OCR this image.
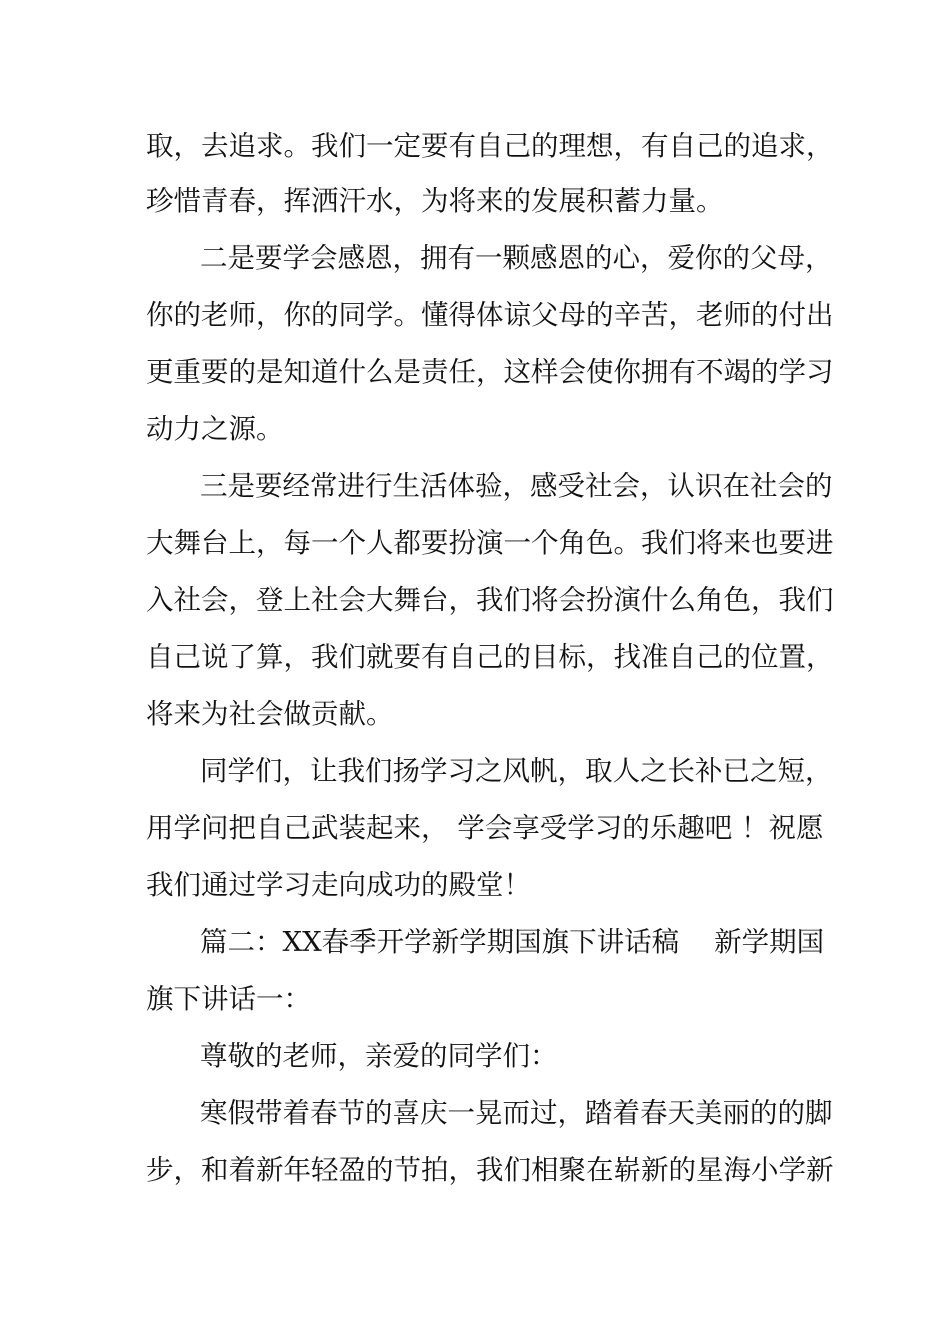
取，去追求。我们一定要有自己的理想，有自己的追求，

珍惜青春，挥洒汗水，为将来的发展积蓄力量。

二是要学会感恩，拥有一颗感恩的心，爱你的父母，

你的老师，你的同学。懂得体谅父母的辛苦，老师的付出

更重要的是知道什么是责任，这样会使你拥有不竭的学习

动力之源。

三是要经常进行生活体验，感受社会，认识在社会的

大舞台上，每一个人都要扮演一个角色。我们将来也要进

入社会，登上社会大舞台，我们将会扮演什么角色，我们

自己说了算，我们就要有自己的目标，找准自己的位置，

将来为社会做贡献。

同学们，让我们扬学习之风帆，取人之长补已之短，

用学问把自己武装起来， 学会享受学习的乐趣吧 ！祝愿

我们通过学习走向成功的殿堂！

篇二：XX春季开学新学期国旗下讲话稿    新学期国

旗下讲话一：

尊敬的老师，亲爱的同学们：

寒假带着春节的喜庆一晃而过，踏着春天美丽的的脚

步，和着新年轻盈的节拍，我们相聚在崭新的星海小学新
